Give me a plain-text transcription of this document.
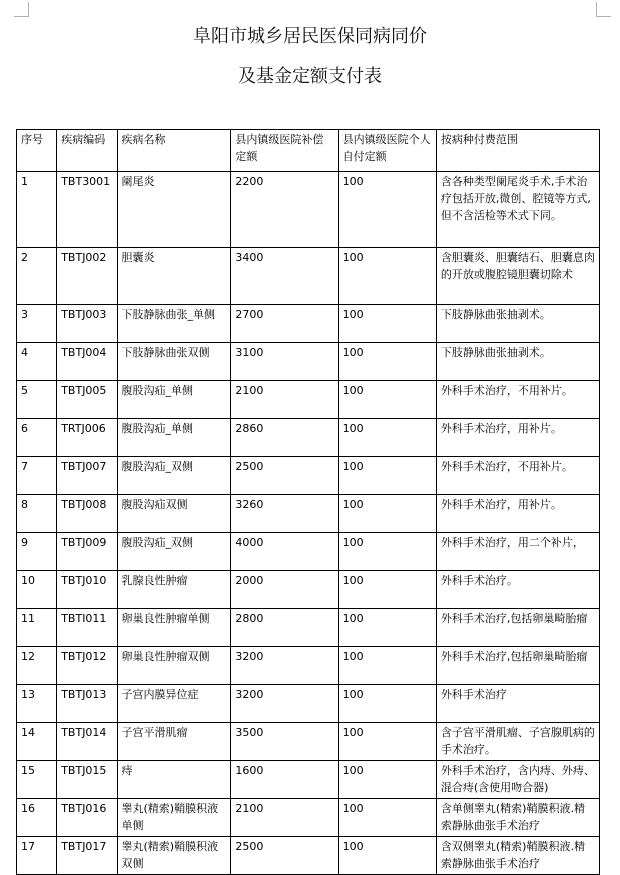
阜阳市城乡居民医保同病同价
及基金定额支付表
序号	疾病编码	疾病名称	县内镇级医院补偿定额	县内镇级医院个人自付定额	按病种付费范围
1	TBT3001	阑尾炎	2200	100	含各种类型阑尾炎手术,手术治疗包括开放,微创、腔镜等方式,但不含活检等术式下同。
2	TBTJ002	胆囊炎	3400	100	含胆囊炎、胆囊结石、胆囊息肉的开放或腹腔镜胆囊切除术
3	TBTJ003	下肢静脉曲张_单侧	2700	100	下肢静脉曲张抽剥术。
4	TBTJ004	下肢静脉曲张双侧	3100	100	下肢静脉曲张抽剥术。
5	TBTJ005	腹股沟疝_单侧	2100	100	外科手术治疗，不用补片。
6	TRTJ006	腹股沟疝_单侧	2860	100	外科手术治疗，用补片。
7	TBTJ007	腹股沟疝_双侧	2500	100	外科手术治疗，不用补片。
8	TBTJ008	腹股沟疝双侧	3260	100	外科手术治疗，用补片。
9	TBTJ009	腹股沟疝_双侧	4000	100	外科手术治疗，用二个补片，
10	TBTJ010	乳腺良性肿瘤	2000	100	外科手术治疗。
11	TBTI011	卵巢良性肿瘤单侧	2800	100	外科手术治疗,包括卵巢畸胎瘤
12	TBTJ012	卵巢良性肿瘤双侧	3200	100	外科手术治疗,包括卵巢畸胎瘤
13	TBTJ013	子宫内膜异位症	3200	100	外科手术治疗
14	TBTJ014	子宫平滑肌瘤	3500	100	含子宫平滑肌瘤、子宫腺肌病的手术治疗。
15	TBTJ015	痔	1600	100	外科手术治疗，含内痔、外痔、混合痔(含使用吻合器)
16	TBTJ016	睾丸(精索)鞘膜积液单侧	2100	100	含单侧睾丸(精索)鞘膜积液.精索静脉曲张手术治疗
17	TBTJ017	睾丸(精索)鞘膜积液双侧	2500	100	含双侧睾丸(精索)鞘膜积液.精索静脉曲张手术治疗
